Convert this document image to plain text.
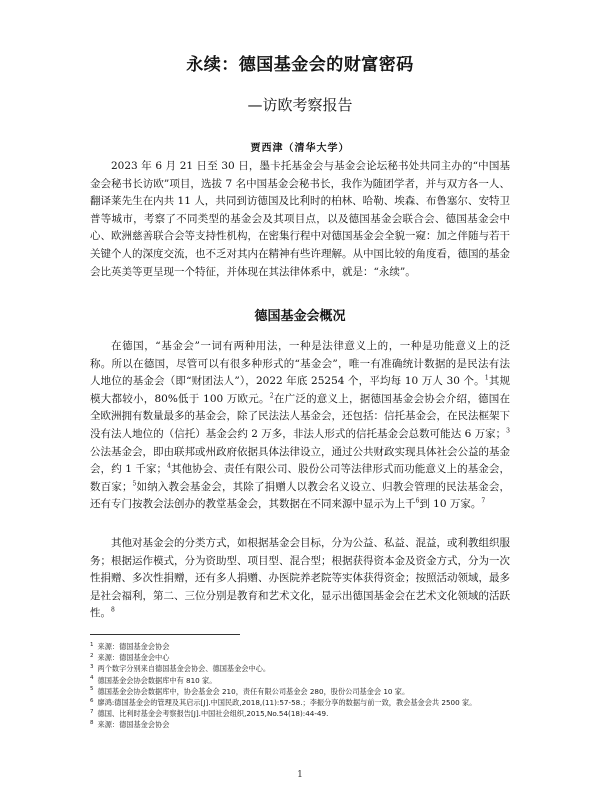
永续：德国基金会的财富密码
—访欧考察报告
贾西津（清华大学）

2023 年 6 月 21 日至 30 日，墨卡托基金会与基金会论坛秘书处共同主办的“中国基金会秘书长访欧”项目，选拔 7 名中国基金会秘书长，我作为随团学者，并与双方各一人、翻译莱先生在内共 11 人，共同到访德国及比利时的柏林、哈勒、埃森、布鲁塞尔、安特卫普等城市，考察了不同类型的基金会及其项目点，以及德国基金会联合会、德国基金会中心、欧洲慈善联合会等支持性机构，在密集行程中对德国基金会全貌一窥：加之伴随与若干关键个人的深度交流，也不乏对其内在精神有些许理解。从中国比较的角度看，德国的基金会比英美等更呈现一个特征，并体现在其法律体系中，就是：“永续”。

德国基金会概况

在德国，“基金会”一词有两种用法，一种是法律意义上的，一种是功能意义上的泛称。所以在德国，尽管可以有很多种形式的“基金会”，唯一有准确统计数据的是民法有法人地位的基金会（即“财团法人”），2022 年底 25254 个，平均每 10 万人 30 个。$^1$其规模大都较小，80%低于 100 万欧元。$^2$在广泛的意义上，据德国基金会协会介绍，德国在全欧洲拥有数量最多的基金会，除了民法法人基金会，还包括：信托基金会，在民法框架下没有法人地位的（信托）基金会约 2 万多，非法人形式的信托基金会总数可能达 6 万家；$^3$公法基金会，即由联邦或州政府依据具体法律设立，通过公共财政实现具体社会公益的基金会，约 1 千家；$^4$其他协会、责任有限公司、股份公司等法律形式而功能意义上的基金会，数百家；$^5$如纳入教会基金会，其除了捐赠人以教会名义设立、归教会管理的民法基金会，还有专门按教会法创办的教堂基金会，其数据在不同来源中显示为上千$^6$到 10 万家。$^7$

其他对基金会的分类方式，如根据基金会目标，分为公益、私益、混益，或利教组织服务；根据运作模式，分为资助型、项目型、混合型；根据获得资本金及资金方式，分为一次性捐赠、多次性捐赠，还有多人捐赠、办医院养老院等实体获得资金；按照活动领域，最多是社会福利，第二、三位分别是教育和艺术文化，显示出德国基金会在艺术文化领域的活跃性。$^8$

$^1$ 来源：德国基金会协会

$^2$ 来源：德国基金会中心

$^3$ 两个数字分别来自德国基金会协会、德国基金会中心。

$^4$ 德国基金会协会数据库中有 810 家。

$^5$ 德国基金会协会数据库中，协会基金会 210，责任有限公司基金会 280，股份公司基金会 10 家。

$^6$ 廖鸿:德国基金会的管理及其启示[J].中国民政,2018,(11):57-58.；李振分享的数据与前一致，教会基金会共 2500 家。

$^7$ 德国、比利时基金会考察报告[J].中国社会组织,2015,No.54(18):44-49.

$^8$ 来源：德国基金会协会

1
